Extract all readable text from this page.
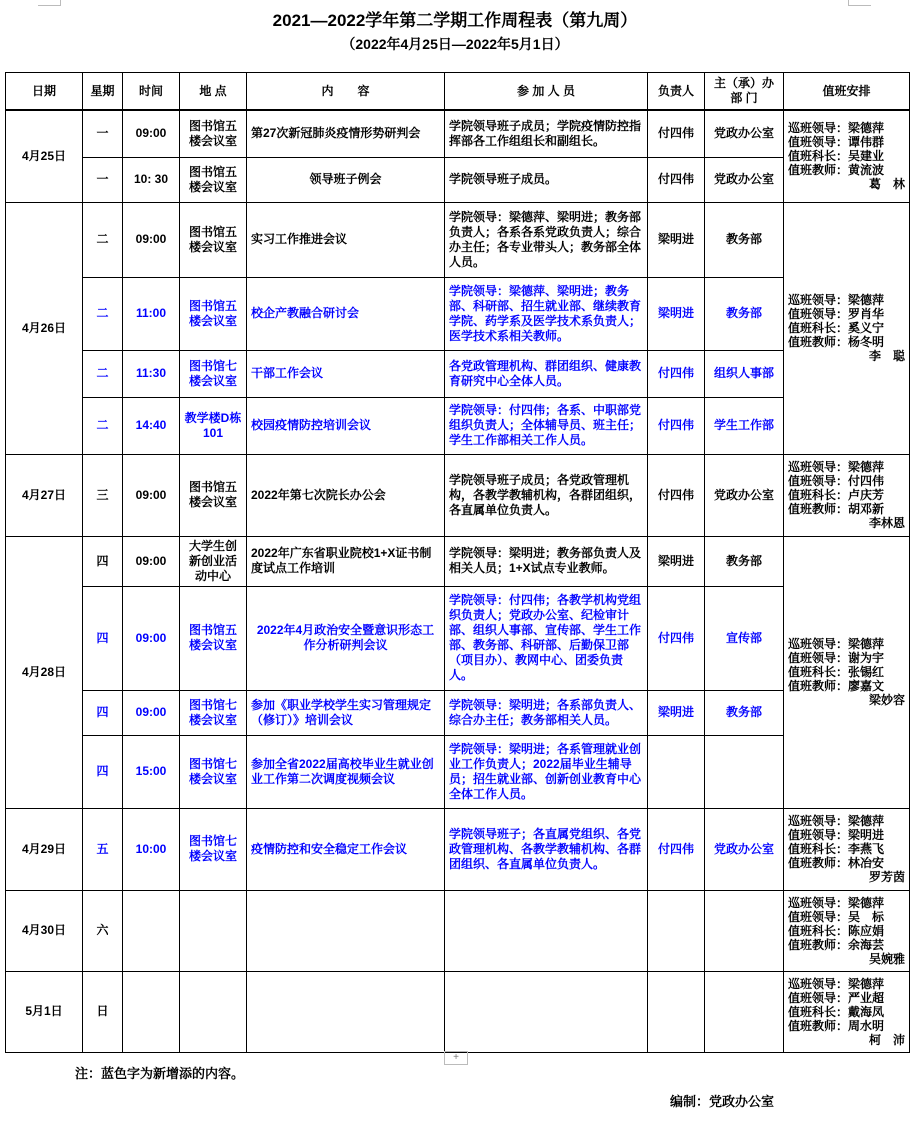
2021—2022学年第二学期工作周程表（第九周）
（2022年4月25日—2022年5月1日）
日期	星期	时间	地 点	内　　容	参 加 人 员	负责人	主（承）办部 门	值班安排
4月25日	一	09:00	图书馆五楼会议室	第27次新冠肺炎疫情形势研判会	学院领导班子成员；学院疫情防控指挥部各工作组组长和副组长。	付四伟	党政办公室	巡班领导：梁德萍
值班领导：谭伟群
值班科长：吴建业
值班教师：黄流波
葛　林

	一	10: 30	图书馆五楼会议室	领导班子例会	学院领导班子成员。	付四伟	党政办公室	
4月26日	二	09:00	图书馆五楼会议室	实习工作推进会议	学院领导：梁德萍、梁明进；教务部负责人；各系各系党政负责人；综合办主任；各专业带头人；教务部全体人员。	梁明进	教务部	巡班领导：梁德萍
值班领导：罗肖华
值班科长：奚义宁
值班教师：杨冬明
李　聪

	二	11:00	图书馆五楼会议室	校企产教融合研讨会	学院领导：梁德萍、梁明进；教务部、科研部、招生就业部、继续教育学院、药学系及医学技术系负责人；医学技术系相关教师。	梁明进	教务部	
	二	11:30	图书馆七楼会议室	干部工作会议	各党政管理机构、群团组织、健康教育研究中心全体人员。	付四伟	组织人事部	
	二	14:40	教学楼D栋101	校园疫情防控培训会议	学院领导：付四伟；各系、中职部党组织负责人；全体辅导员、班主任；学生工作部相关工作人员。	付四伟	学生工作部	
4月27日	三	09:00	图书馆五楼会议室	2022年第七次院长办公会	学院领导班子成员；各党政管理机构，各教学教辅机构，各群团组织，各直属单位负责人。	付四伟	党政办公室	巡班领导：梁德萍
值班领导：付四伟
值班科长：卢庆芳
值班教师：胡邓新
李林恩

4月28日	四	09:00	大学生创新创业活动中心	2022年广东省职业院校1+X证书制度试点工作培训	学院领导：梁明进；教务部负责人及相关人员；1+X试点专业教师。	梁明进	教务部	巡班领导：梁德萍
值班领导：谢为宇
值班科长：张锡红
值班教师：廖嘉文
梁妙容

	四	09:00	图书馆五楼会议室	2022年4月政治安全暨意识形态工作分析研判会议	学院领导：付四伟；各教学机构党组织负责人；党政办公室、纪检审计部、组织人事部、宣传部、学生工作部、教务部、科研部、后勤保卫部（项目办）、教网中心、团委负责人。	付四伟	宣传部	
	四	09:00	图书馆七楼会议室	参加《职业学校学生实习管理规定（修订）》培训会议	学院领导：梁明进；各系部负责人、综合办主任；教务部相关人员。	梁明进	教务部	
	四	15:00	图书馆七楼会议室	参加全省2022届高校毕业生就业创业工作第二次调度视频会议	学院领导：梁明进；各系管理就业创业工作负责人；2022届毕业生辅导员；招生就业部、创新创业教育中心全体工作人员。			
4月29日	五	10:00	图书馆七楼会议室	疫情防控和安全稳定工作会议	学院领导班子；各直属党组织、各党政管理机构、各教学教辅机构、各群团组织、各直属单位负责人。	付四伟	党政办公室	巡班领导：梁德萍
值班领导：梁明进
值班科长：李燕飞
值班教师：林冶安
罗芳茵

4月30日	六							巡班领导：梁德萍
值班领导：吴　标
值班科长：陈应娟
值班教师：余海芸
吴婉雅

5月1日	日							巡班领导：梁德萍
值班领导：严业超
值班科长：戴海凤
值班教师：周水明
柯　沛
+
注：蓝色字为新增添的内容。
编制：党政办公室
